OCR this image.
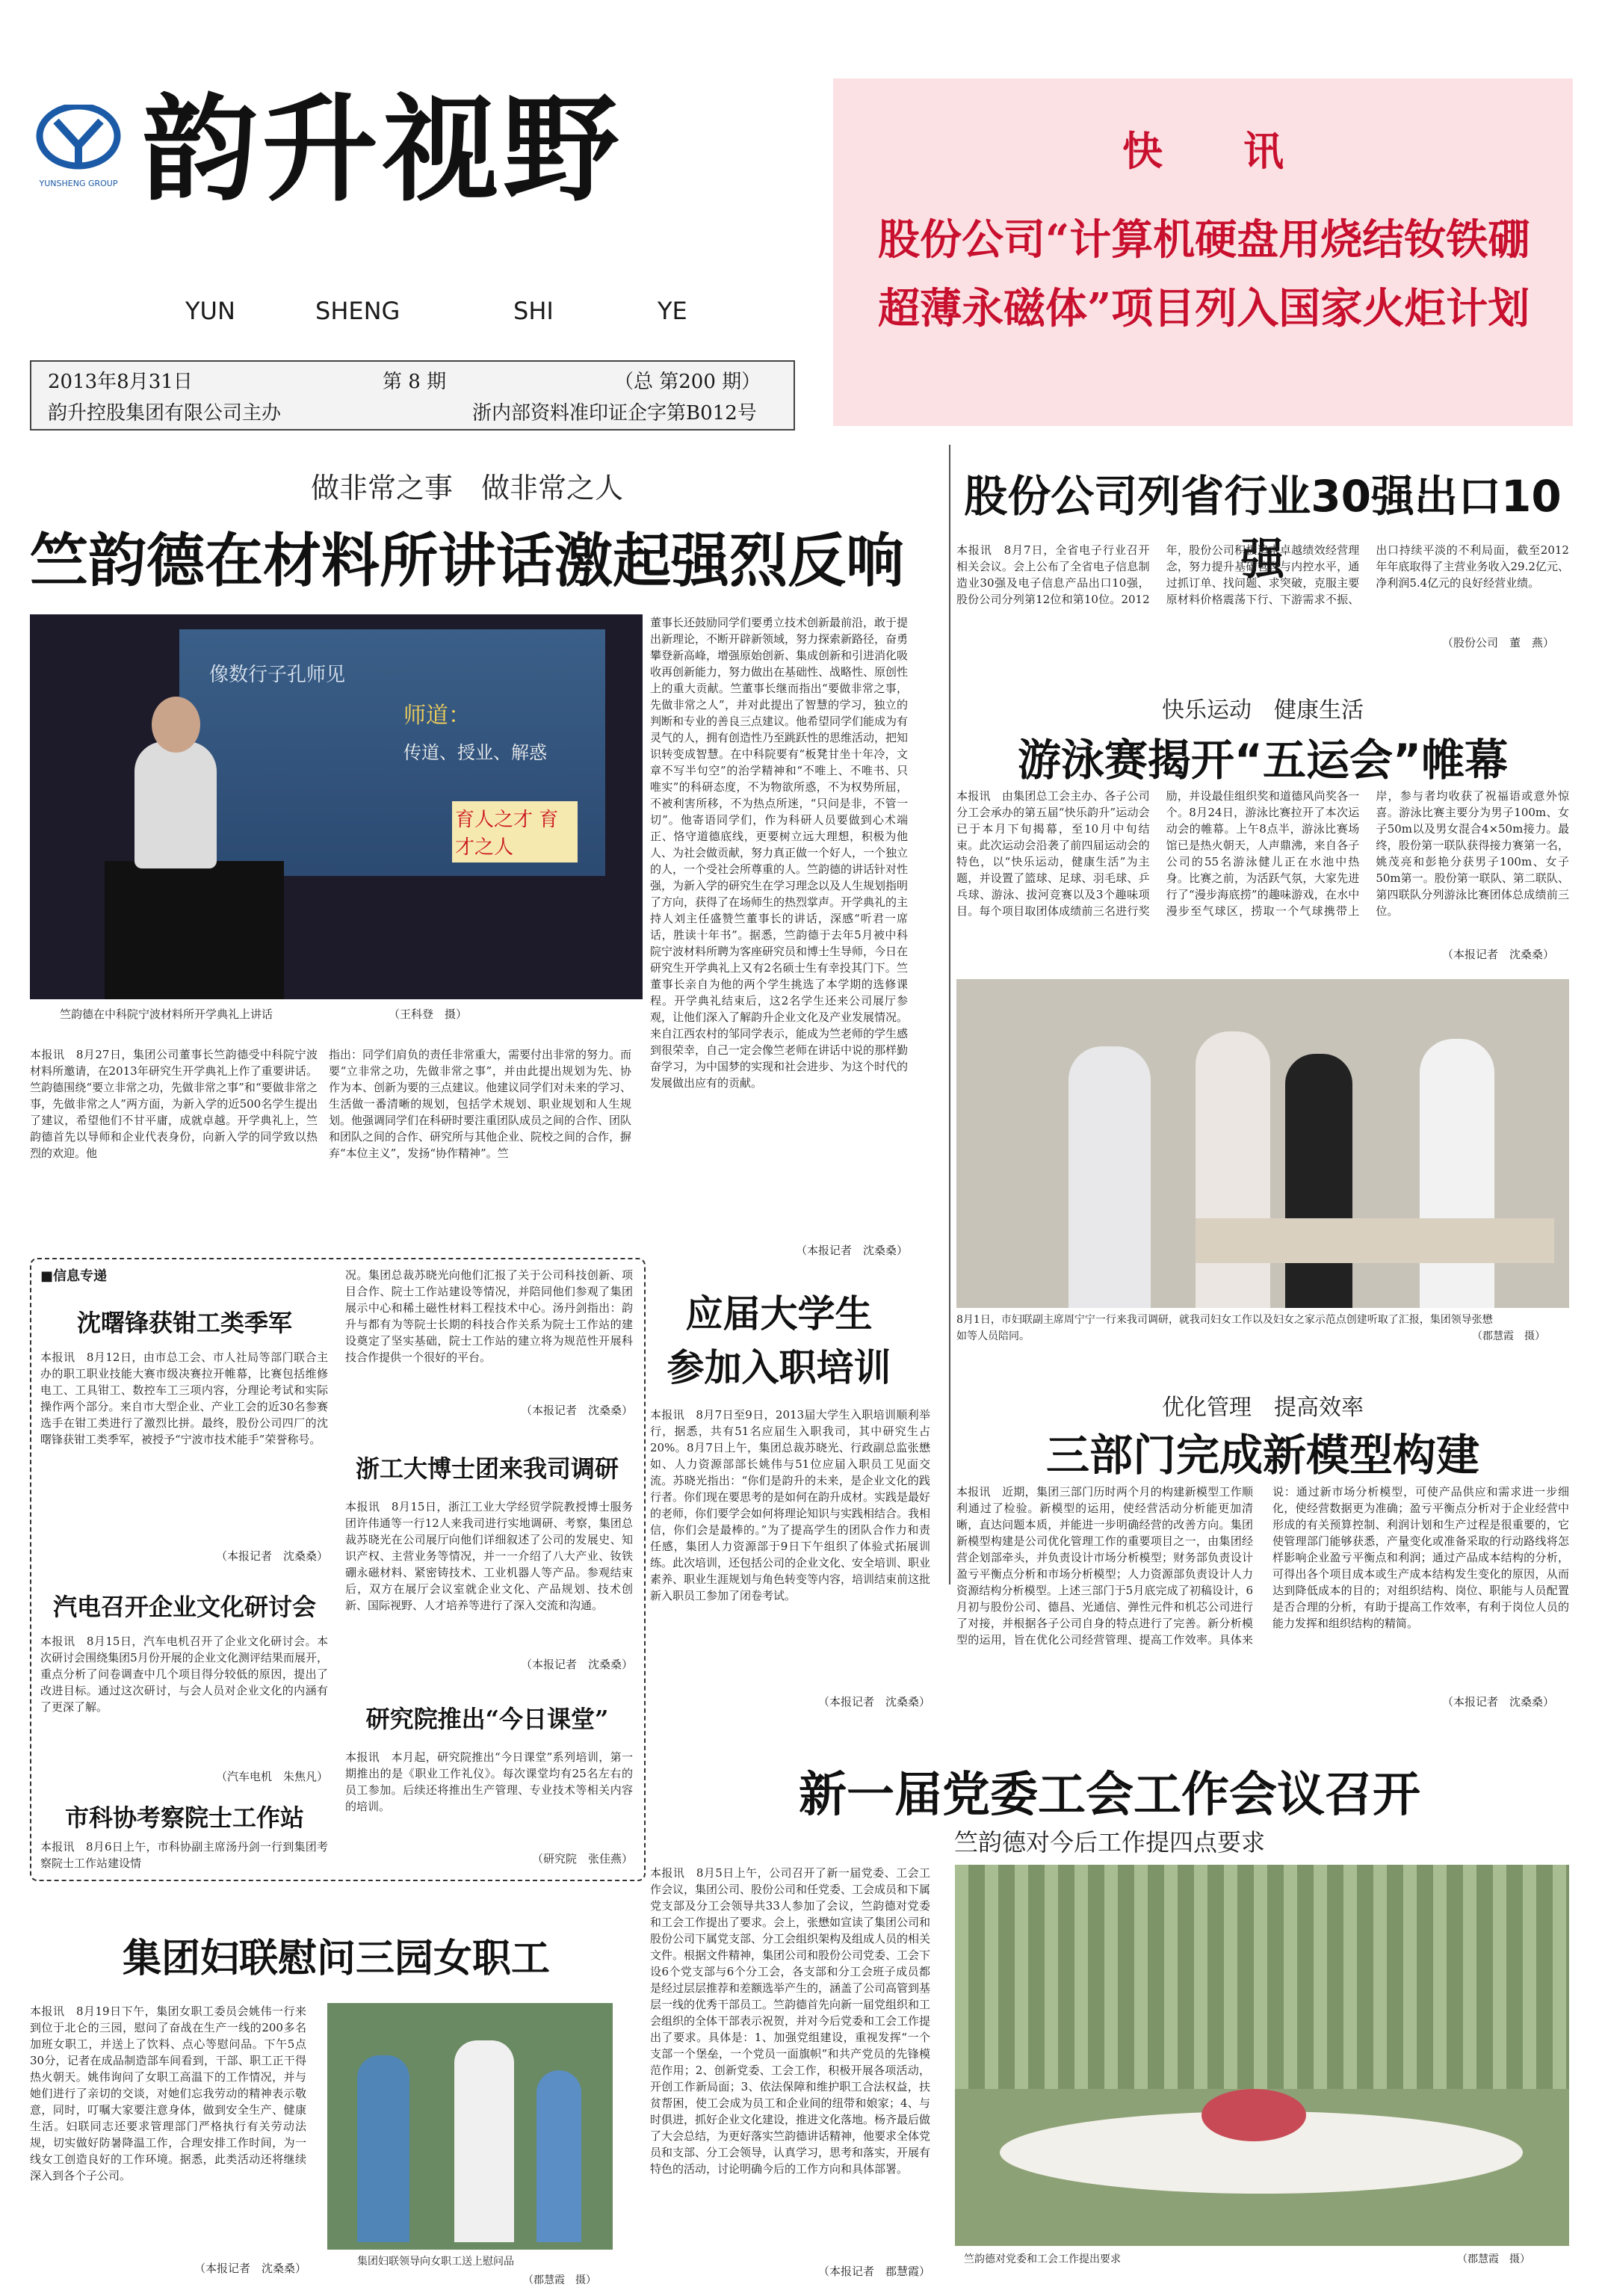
YUNSHENG GROUP 韵升视野
YUN	SHENG	SHI	YE
2013年8月31日	第 8 期	（总 第200 期）
韵升控股集团有限公司主办	浙内部资料准印证企字第B012号
快　　讯
股份公司“计算机硬盘用烧结钕铁硼超薄永磁体”项目列入国家火炬计划
做非常之事　做非常之人
竺韵德在材料所讲话激起强烈反响
像数行子孔师见
师道：
传道、授业、解惑
育人之才 育才之人
竺韵德在中科院宁波材料所开学典礼上讲话	（王科登　摄）
本报讯　8月27日，集团公司董事长竺韵德受中科院宁波材料所邀请，在2013年研究生开学典礼上作了重要讲话。竺韵德围绕“要立非常之功，先做非常之事”和“要做非常之事，先做非常之人”两方面，为新入学的近500名学生提出了建议，希望他们不甘平庸，成就卓越。开学典礼上，竺韵德首先以导师和企业代表身份，向新入学的同学致以热烈的欢迎。他
指出：同学们肩负的责任非常重大，需要付出非常的努力。而要“立非常之功，先做非常之事”，并由此提出规划为先、协作为本、创新为要的三点建议。他建议同学们对未来的学习、生活做一番清晰的规划，包括学术规划、职业规划和人生规划。他强调同学们在科研时要注重团队成员之间的合作、团队和团队之间的合作、研究所与其他企业、院校之间的合作，摒弃“本位主义”，发扬“协作精神”。竺
董事长还鼓励同学们要勇立技术创新最前沿，敢于提出新理论，不断开辟新领域，努力探索新路径，奋勇攀登新高峰，增强原始创新、集成创新和引进消化吸收再创新能力，努力做出在基础性、战略性、原创性上的重大贡献。竺董事长继而指出“要做非常之事，先做非常之人”，并对此提出了智慧的学习，独立的判断和专业的善良三点建议。他希望同学们能成为有灵气的人，拥有创造性乃至跳跃性的思维活动，把知识转变成智慧。在中科院要有“板凳甘坐十年冷，文章不写半句空”的治学精神和“不唯上、不唯书、只唯实”的科研态度，不为物欲所惑，不为权势所屈，不被利害所移，不为热点所迷，“只问是非，不管一切”。他寄语同学们，作为科研人员要做到心术端正、恪守道德底线，更要树立远大理想，积极为他人、为社会做贡献，努力真正做一个好人，一个独立的人，一个受社会所尊重的人。竺韵德的讲话针对性强，为新入学的研究生在学习理念以及人生规划指明了方向，获得了在场师生的热烈掌声。开学典礼的主持人刘主任盛赞竺董事长的讲话，深感“听君一席话，胜读十年书”。据悉，竺韵德于去年5月被中科院宁波材料所聘为客座研究员和博士生导师，今日在研究生开学典礼上又有2名硕士生有幸投其门下。竺董事长亲自为他的两个学生挑选了本学期的选修课程。开学典礼结束后，这2名学生还来公司展厅参观，让他们深入了解韵升企业文化及产业发展情况。来自江西农村的邹同学表示，能成为竺老师的学生感到很荣幸，自己一定会像竺老师在讲话中说的那样勤奋学习，为中国梦的实现和社会进步、为这个时代的发展做出应有的贡献。
（本报记者　沈桑桑）
■信息专递
沈曙锋获钳工类季军
本报讯　8月12日，由市总工会、市人社局等部门联合主办的职工职业技能大赛市级决赛拉开帷幕，比赛包括维修电工、工具钳工、数控车工三项内容，分理论考试和实际操作两个部分。来自市大型企业、产业工会的近30名参赛选手在钳工类进行了激烈比拼。最终，股份公司四厂的沈曙锋获钳工类季军，被授予“宁波市技术能手”荣誉称号。
（本报记者　沈桑桑）
汽电召开企业文化研讨会
本报讯　8月15日，汽车电机召开了企业文化研讨会。本次研讨会围绕集团5月份开展的企业文化测评结果而展开，重点分析了问卷调查中几个项目得分较低的原因，提出了改进目标。通过这次研讨，与会人员对企业文化的内涵有了更深了解。
（汽车电机　朱焦凡）
市科协考察院士工作站
本报讯　8月6日上午，市科协副主席汤丹剑一行到集团考察院士工作站建设情
况。集团总裁苏晓光向他们汇报了关于公司科技创新、项目合作、院士工作站建设等情况，并陪同他们参观了集团展示中心和稀土磁性材料工程技术中心。汤丹剑指出：韵升与都有为等院士长期的科技合作关系为院士工作站的建设奠定了坚实基础，院士工作站的建立将为规范性开展科技合作提供一个很好的平台。
（本报记者　沈桑桑）
浙工大博士团来我司调研
本报讯　8月15日，浙江工业大学经贸学院教授博士服务团许伟通等一行12人来我司进行实地调研、考察，集团总裁苏晓光在公司展厅向他们详细叙述了公司的发展史、知识产权、主营业务等情况，并一一介绍了八大产业、钕铁硼永磁材料、紧密铸技术、工业机器人等产品。参观结束后，双方在展厅会议室就企业文化、产品规划、技术创新、国际视野、人才培养等进行了深入交流和沟通。
（本报记者　沈桑桑）
研究院推出“今日课堂”
本报讯　本月起，研究院推出“今日课堂”系列培训，第一期推出的是《职业工作礼仪》。每次课堂均有25名左右的员工参加。后续还将推出生产管理、专业技术等相关内容的培训。
（研究院　张佳燕）
应届大学生
参加入职培训
本报讯　8月7日至9日，2013届大学生入职培训顺利举行，据悉，共有51名应届生入职我司，其中研究生占20%。8月7日上午，集团总裁苏晓光、行政副总监张懋如、人力资源部部长姚伟与51位应届入职员工见面交流。苏晓光指出：“你们是韵升的未来，是企业文化的践行者。你们现在要思考的是如何在韵升成材。实践是最好的老师，你们要学会如何将理论知识与实践相结合。我相信，你们会是最棒的。”为了提高学生的团队合作力和责任感，集团人力资源部于9日下午组织了体验式拓展训练。此次培训，还包括公司的企业文化、安全培训、职业素养、职业生涯规划与角色转变等内容，培训结束前这批新入职员工参加了闭卷考试。
（本报记者　沈桑桑）
股份公司列省行业30强出口10强
本报讯　8月7日，全省电子行业召开相关会议。会上公布了全省电子信息制造业30强及电子信息产品出口10强，股份公司分列第12位和第10位。2012年，股份公司积极追求卓越绩效经营理念，努力提升基础管理与内控水平，通过抓订单、找问题、求突破，克服主要原材料价格震荡下行、下游需求不振、出口持续平淡的不利局面，截至2012年年底取得了主营业务收入29.2亿元、净利润5.4亿元的良好经营业绩。
（股份公司　董　燕）
快乐运动　健康生活
游泳赛揭开“五运会”帷幕
本报讯　由集团总工会主办、各子公司分工会承办的第五届“快乐韵升”运动会已于本月下旬揭幕，至10月中旬结束。此次运动会沿袭了前四届运动会的特色，以“快乐运动，健康生活”为主题，并设置了篮球、足球、羽毛球、乒乓球、游泳、拔河竞赛以及3个趣味项目。每个项目取团体成绩前三名进行奖励，并设最佳组织奖和道德风尚奖各一个。8月24日，游泳比赛拉开了本次运动会的帷幕。上午8点半，游泳比赛场馆已是热火朝天，人声鼎沸，来自各子公司的55名游泳健儿正在水池中热身。比赛之前，为活跃气氛，大家先进行了“漫步海底捞”的趣味游戏，在水中漫步至气球区，捞取一个气球携带上岸，参与者均收获了祝福语或意外惊喜。游泳比赛主要分为男子100m、女子50m以及男女混合4×50m接力。最终，股份第一联队获得接力赛第一名，姚茂亮和彭艳分获男子100m、女子50m第一。股份第一联队、第二联队、第四联队分列游泳比赛团体总成绩前三位。
（本报记者　沈桑桑）
8月1日，市妇联副主席周宁宁一行来我司调研，就我司妇女工作以及妇女之家示范点创建听取了汇报，集团领导张懋如等人员陪同。	（郡慧霞　摄）
优化管理　提高效率
三部门完成新模型构建
本报讯　近期，集团三部门历时两个月的构建新模型工作顺利通过了检验。新模型的运用，使经营活动分析能更加清晰，直达问题本质，并能进一步明确经营的改善方向。集团新模型构建是公司优化管理工作的重要项目之一，由集团经营企划部牵头，并负责设计市场分析模型；财务部负责设计盈亏平衡点分析和市场分析模型；人力资源部负责设计人力资源结构分析模型。上述三部门于5月底完成了初稿设计，6月初与股份公司、德昌、光通信、弹性元件和机芯公司进行了对接，并根据各子公司自身的特点进行了完善。新分析模型的运用，旨在优化公司经营管理、提高工作效率。具体来说：通过新市场分析模型，可使产品供应和需求进一步细化，使经营数据更为准确；盈亏平衡点分析对于企业经营中形成的有关预算控制、利润计划和生产过程是很重要的，它使管理部门能够获悉，产量变化或准备采取的行动路线将怎样影响企业盈亏平衡点和利润；通过产品成本结构的分析，可得出各个项目成本或生产成本结构发生变化的原因，从而达到降低成本的目的；对组织结构、岗位、职能与人员配置是否合理的分析，有助于提高工作效率，有利于岗位人员的能力发挥和组织结构的精简。
（本报记者　沈桑桑）
新一届党委工会工作会议召开
竺韵德对今后工作提四点要求
本报讯　8月5日上午，公司召开了新一届党委、工会工作会议，集团公司、股份公司和任党委、工会成员和下属党支部及分工会领导共33人参加了会议，竺韵德对党委和工会工作提出了要求。会上，张懋如宣读了集团公司和股份公司下属党支部、分工会组织架构及组成人员的相关文件。根据文件精神，集团公司和股份公司党委、工会下设6个党支部与6个分工会，各支部和分工会班子成员都是经过层层推荐和差额选举产生的，涵盖了公司高管到基层一线的优秀干部员工。竺韵德首先向新一届党组织和工会组织的全体干部表示祝贺，并对今后党委和工会工作提出了要求。具体是：1、加强党组建设，重视发挥“一个支部一个堡垒，一个党员一面旗帜”和共产党员的先锋模范作用；2、创新党委、工会工作，积极开展各项活动，开创工作新局面；3、依法保障和维护职工合法权益，扶贫帮困，使工会成为员工和企业间的纽带和娘家；4、与时俱进，抓好企业文化建设，推进文化落地。杨齐最后做了大会总结，为更好落实竺韵德讲话精神，他要求全体党员和支部、分工会领导，认真学习，思考和落实，开展有特色的活动，讨论明确今后的工作方向和具体部署。
（本报记者　郡慧霞）
竺韵德对党委和工会工作提出要求	（郡慧霞　摄）
集团妇联慰问三园女职工
本报讯　8月19日下午，集团女职工委员会姚伟一行来到位于北仑的三园，慰问了奋战在生产一线的200多名加班女职工，并送上了饮料、点心等慰问品。下午5点30分，记者在成品制造部车间看到，干部、职工正干得热火朝天。姚伟询问了女职工高温下的工作情况，并与她们进行了亲切的交谈，对她们忘我劳动的精神表示敬意，同时，叮嘱大家要注意身体，做到安全生产、健康生活。妇联同志还要求管理部门严格执行有关劳动法规，切实做好防暑降温工作，合理安排工作时间，为一线女工创造良好的工作环境。据悉，此类活动还将继续深入到各个子公司。
（本报记者　沈桑桑）	集团妇联领导向女职工送上慰问品
（郡慧霞　摄）
